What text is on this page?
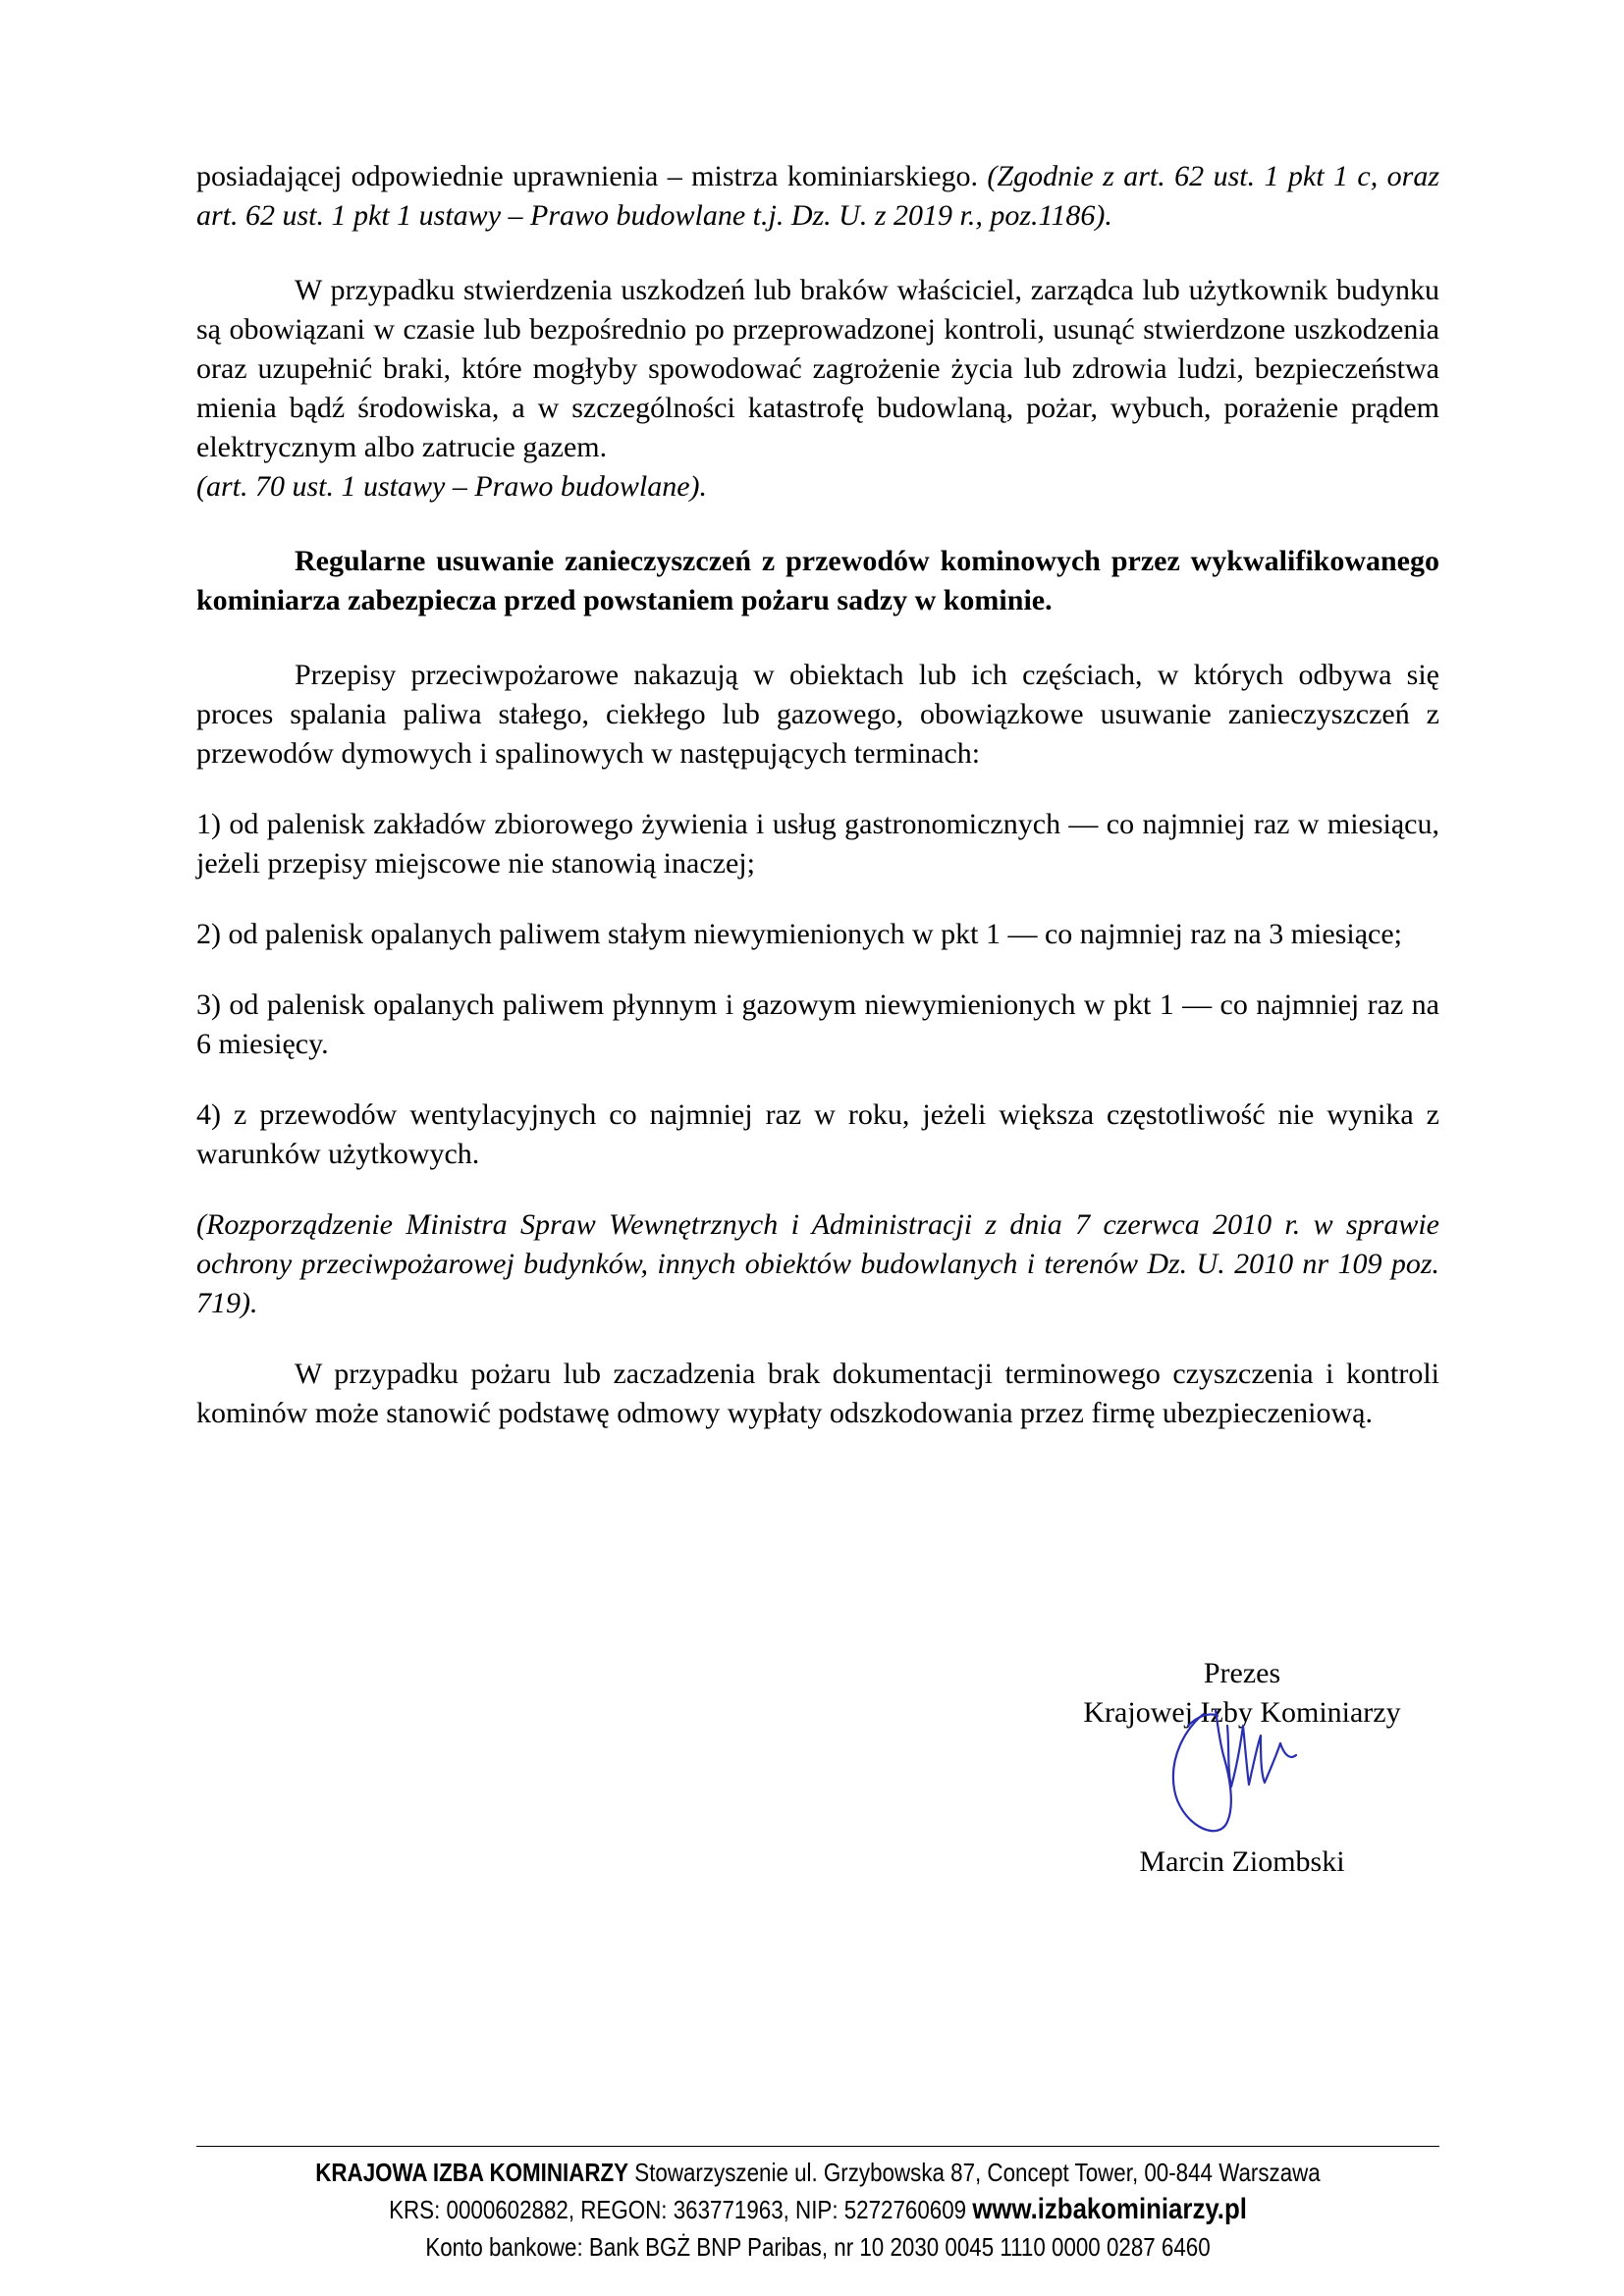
posiadającej odpowiednie uprawnienia – mistrza kominiarskiego. (Zgodnie z art. 62 ust. 1 pkt 1 c, oraz art. 62 ust. 1 pkt 1 ustawy – Prawo budowlane t.j. Dz. U. z 2019 r., poz.1186).

W przypadku stwierdzenia uszkodzeń lub braków właściciel, zarządca lub użytkownik budynku są obowiązani w czasie lub bezpośrednio po przeprowadzonej kontroli, usunąć stwierdzone uszkodzenia oraz uzupełnić braki, które mogłyby spowodować zagrożenie życia lub zdrowia ludzi, bezpieczeństwa mienia bądź środowiska, a w szczególności katastrofę budowlaną, pożar, wybuch, porażenie prądem elektrycznym albo zatrucie gazem.

(art. 70 ust. 1 ustawy – Prawo budowlane).

Regularne usuwanie zanieczyszczeń z przewodów kominowych przez wykwalifikowanego kominiarza zabezpiecza przed powstaniem pożaru sadzy w kominie.

Przepisy przeciwpożarowe nakazują w obiektach lub ich częściach, w których odbywa się proces spalania paliwa stałego, ciekłego lub gazowego, obowiązkowe usuwanie zanieczyszczeń z przewodów dymowych i spalinowych w następujących terminach:

1) od palenisk zakładów zbiorowego żywienia i usług gastronomicznych — co najmniej raz w miesiącu, jeżeli przepisy miejscowe nie stanowią inaczej;

2) od palenisk opalanych paliwem stałym niewymienionych w pkt 1 — co najmniej raz na 3 miesiące;

3) od palenisk opalanych paliwem płynnym i gazowym niewymienionych w pkt 1 — co najmniej raz na 6 miesięcy.

4) z przewodów wentylacyjnych co najmniej raz w roku, jeżeli większa częstotliwość nie wynika z warunków użytkowych.

(Rozporządzenie Ministra Spraw Wewnętrznych i Administracji z dnia 7 czerwca 2010 r. w sprawie ochrony przeciwpożarowej budynków, innych obiektów budowlanych i terenów Dz. U. 2010 nr 109 poz. 719).

W przypadku pożaru lub zaczadzenia brak dokumentacji terminowego czyszczenia i kontroli kominów może stanowić podstawę odmowy wypłaty odszkodowania przez firmę ubezpieczeniową.

Prezes
Krajowej Izby Kominiarzy
Marcin Ziombski
KRAJOWA IZBA KOMINIARZY Stowarzyszenie ul. Grzybowska 87, Concept Tower, 00-844 Warszawa
KRS: 0000602882, REGON: 363771963, NIP: 5272760609 www.izbakominiarzy.pl
Konto bankowe: Bank BGŻ BNP Paribas, nr 10 2030 0045 1110 0000 0287 6460
